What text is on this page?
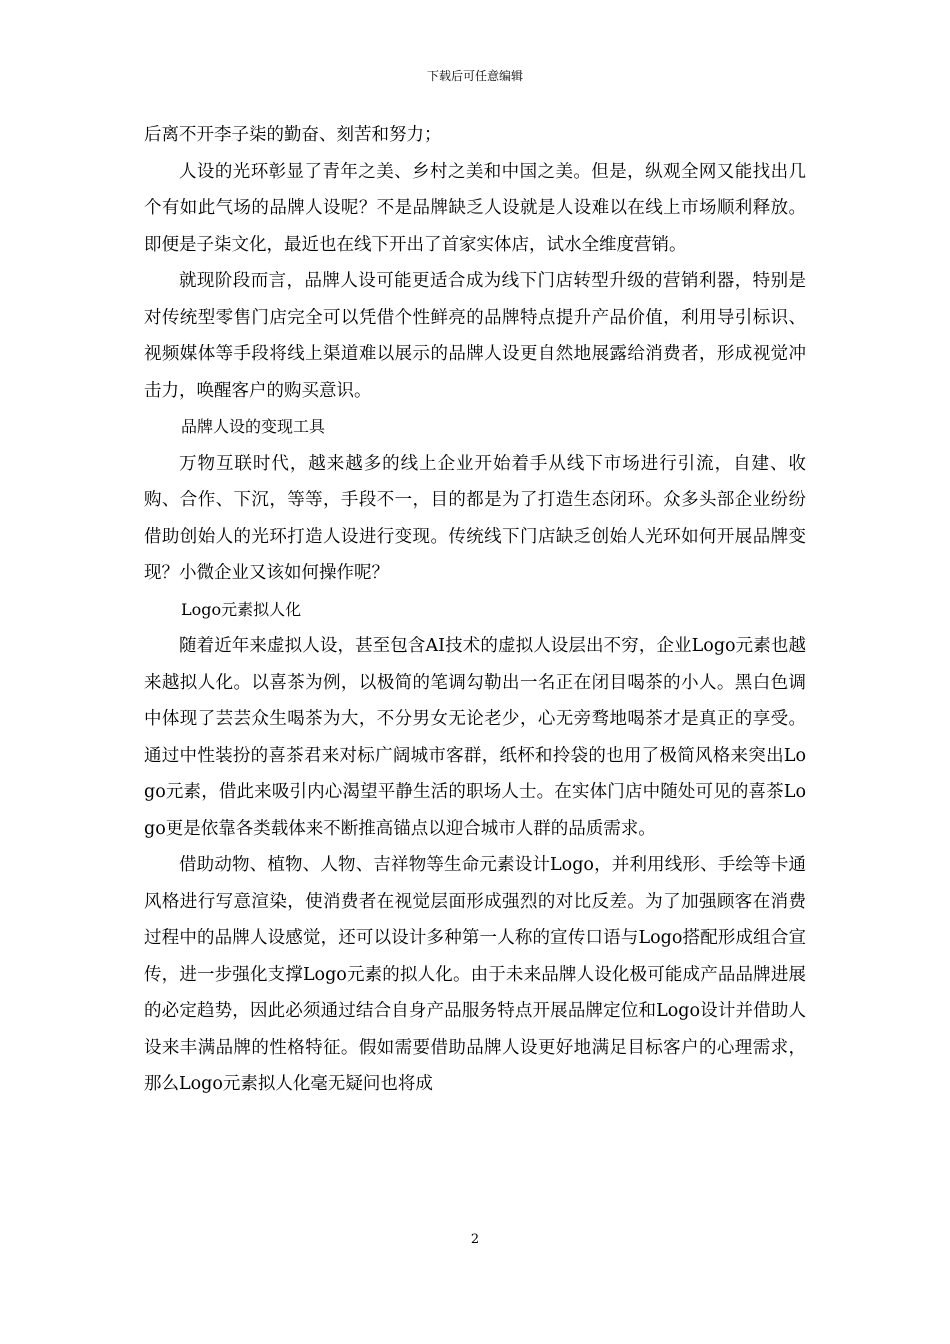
下载后可任意编辑

后离不开李子柒的勤奋、刻苦和努力；

人设的光环彰显了青年之美、乡村之美和中国之美。但是，纵观全网又能找出几个有如此气场的品牌人设呢？不是品牌缺乏人设就是人设难以在线上市场顺利释放。即便是子柒文化，最近也在线下开出了首家实体店，试水全维度营销。

就现阶段而言，品牌人设可能更适合成为线下门店转型升级的营销利器，特别是对传统型零售门店完全可以凭借个性鲜亮的品牌特点提升产品价值，利用导引标识、视频媒体等手段将线上渠道难以展示的品牌人设更自然地展露给消费者，形成视觉冲击力，唤醒客户的购买意识。

品牌人设的变现工具

万物互联时代，越来越多的线上企业开始着手从线下市场进行引流，自建、收购、合作、下沉，等等，手段不一，目的都是为了打造生态闭环。众多头部企业纷纷借助创始人的光环打造人设进行变现。传统线下门店缺乏创始人光环如何开展品牌变现？小微企业又该如何操作呢？

Logo元素拟人化

随着近年来虚拟人设，甚至包含AI技术的虚拟人设层出不穷，企业Logo元素也越来越拟人化。以喜茶为例，以极简的笔调勾勒出一名正在闭目喝茶的小人。黑白色调中体现了芸芸众生喝茶为大，不分男女无论老少，心无旁骛地喝茶才是真正的享受。通过中性装扮的喜茶君来对标广阔城市客群，纸杯和拎袋的也用了极简风格来突出Logo元素，借此来吸引内心渴望平静生活的职场人士。在实体门店中随处可见的喜茶Logo更是依靠各类载体来不断推高锚点以迎合城市人群的品质需求。

借助动物、植物、人物、吉祥物等生命元素设计Logo，并利用线形、手绘等卡通风格进行写意渲染，使消费者在视觉层面形成强烈的对比反差。为了加强顾客在消费过程中的品牌人设感觉，还可以设计多种第一人称的宣传口语与Logo搭配形成组合宣传，进一步强化支撑Logo元素的拟人化。由于未来品牌人设化极可能成产品品牌进展的必定趋势，因此必须通过结合自身产品服务特点开展品牌定位和Logo设计并借助人设来丰满品牌的性格特征。假如需要借助品牌人设更好地满足目标客户的心理需求，那么Logo元素拟人化毫无疑问也将成

2
